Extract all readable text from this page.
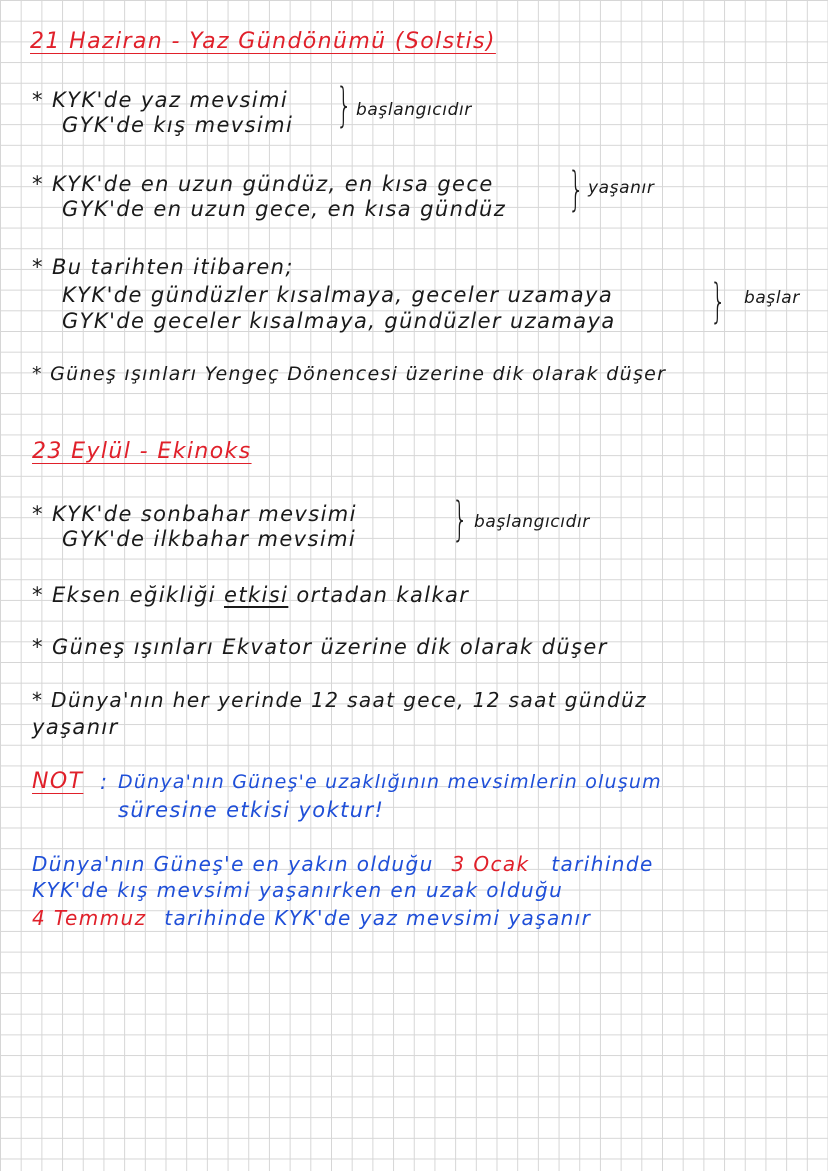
21 Haziran - Yaz Gündönümü (Solstis)
* KYK'de yaz mevsimi
GYK'de kış mevsimi } başlangıcıdır
* KYK'de en uzun gündüz, en kısa gece
GYK'de en uzun gece, en kısa gündüz } yaşanır
* Bu tarihten itibaren;
KYK'de gündüzler kısalmaya, geceler uzamaya
GYK'de geceler kısalmaya, gündüzler uzamaya } başlar
* Güneş ışınları Yengeç Dönencesi üzerine dik olarak düşer
23 Eylül - Ekinoks
* KYK'de sonbahar mevsimi
GYK'de ilkbahar mevsimi } başlangıcıdır
* Eksen eğikliği etkisi ortadan kalkar
* Güneş ışınları Ekvator üzerine dik olarak düşer
* Dünya'nın her yerinde 12 saat gece, 12 saat gündüz
yaşanır
NOT : Dünya'nın Güneş'e uzaklığının mevsimlerin oluşum
süresine etkisi yoktur!
Dünya'nın Güneş'e en yakın olduğu 3 Ocak tarihinde
KYK'de kış mevsimi yaşanırken en uzak olduğu
4 Temmuz tarihinde KYK'de yaz mevsimi yaşanır
